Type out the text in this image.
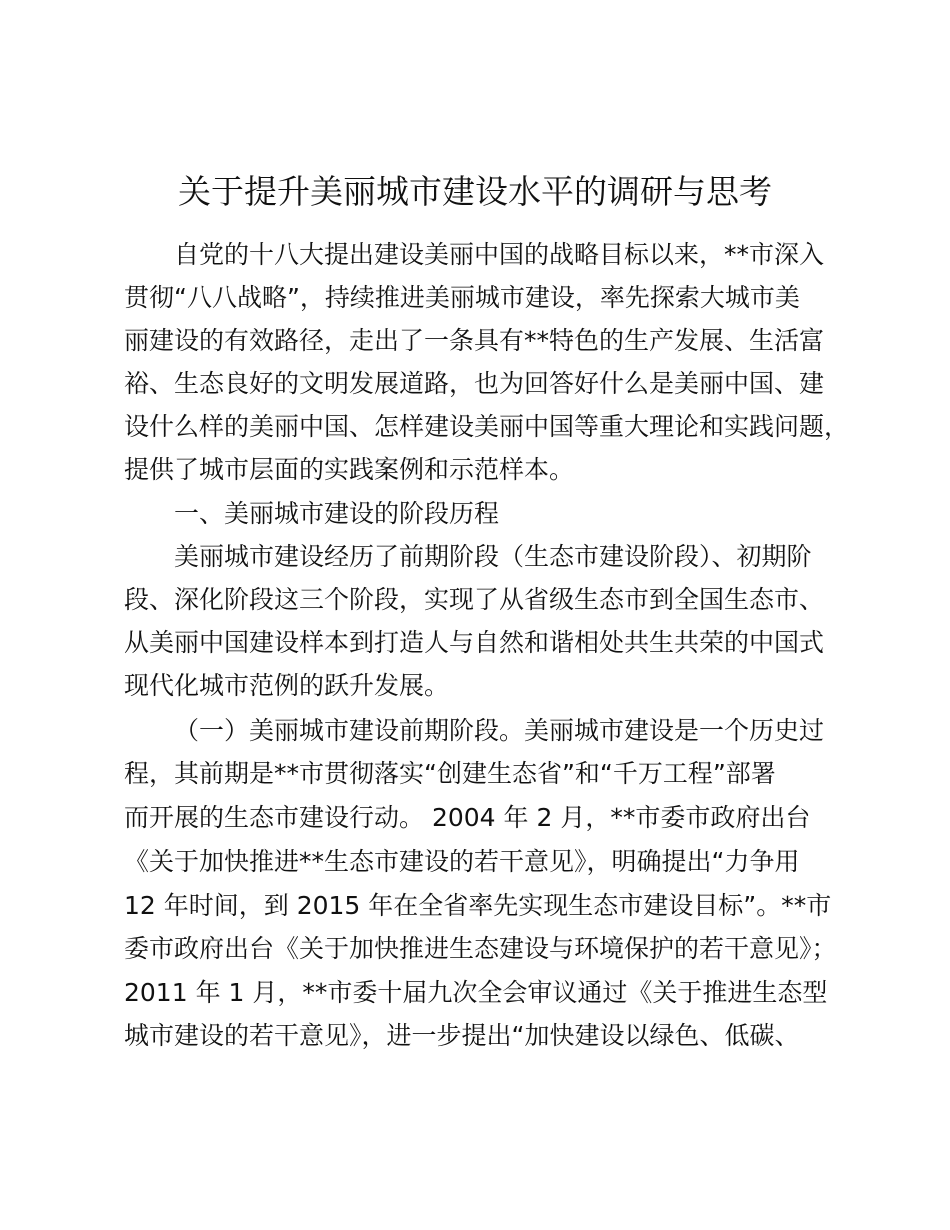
关于提升美丽城市建设水平的调研与思考

自党的十八大提出建设美丽中国的战略目标以来，**市深入

贯彻“八八战略”，持续推进美丽城市建设，率先探索大城市美

丽建设的有效路径，走出了一条具有**特色的生产发展、生活富

裕、生态良好的文明发展道路，也为回答好什么是美丽中国、建

设什么样的美丽中国、怎样建设美丽中国等重大理论和实践问题，

提供了城市层面的实践案例和示范样本。

一、美丽城市建设的阶段历程

美丽城市建设经历了前期阶段（生态市建设阶段）、初期阶

段、深化阶段这三个阶段，实现了从省级生态市到全国生态市、

从美丽中国建设样本到打造人与自然和谐相处共生共荣的中国式

现代化城市范例的跃升发展。

（一）美丽城市建设前期阶段。美丽城市建设是一个历史过

程，其前期是**市贯彻落实“创建生态省”和“千万工程”部署

而开展的生态市建设行动。 2004 年 2 月，**市委市政府出台

《关于加快推进**生态市建设的若干意见》，明确提出“力争用

12 年时间，到 2015 年在全省率先实现生态市建设目标”。**市

委市政府出台《关于加快推进生态建设与环境保护的若干意见》；

2011 年 1 月，**市委十届九次全会审议通过《关于推进生态型

城市建设的若干意见》，进一步提出“加快建设以绿色、低碳、
